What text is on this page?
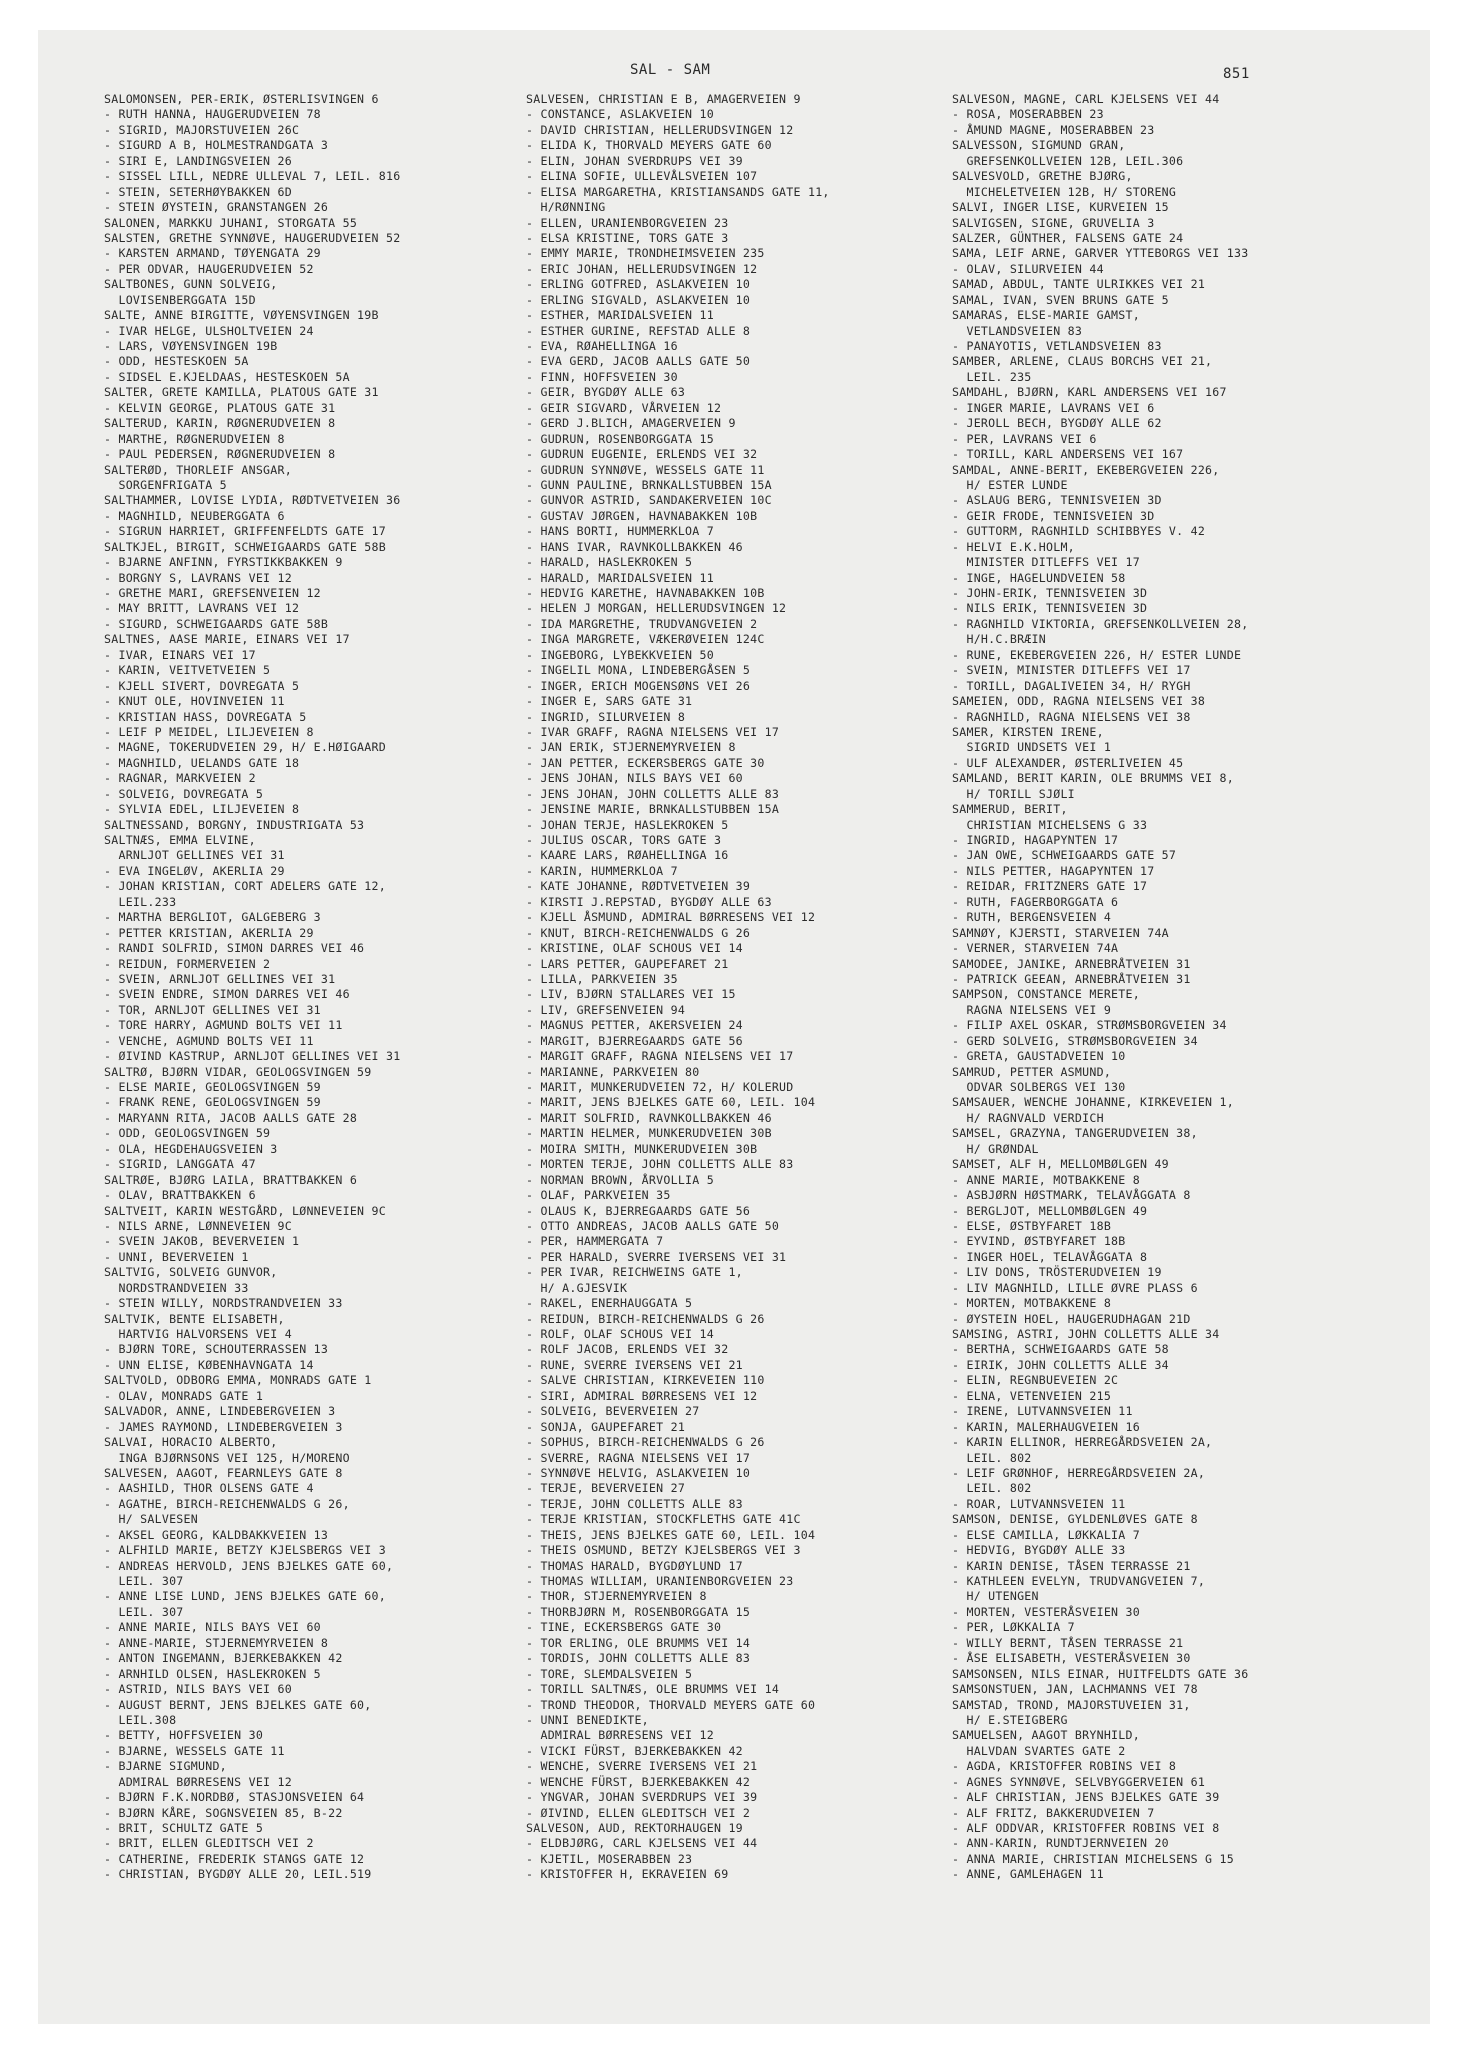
SAL - SAM	851
SALOMONSEN, PER-ERIK, ØSTERLISVINGEN 6
- RUTH HANNA, HAUGERUDVEIEN 78
- SIGRID, MAJORSTUVEIEN 26C
- SIGURD A B, HOLMESTRANDGATA 3
- SIRI E, LANDINGSVEIEN 26
- SISSEL LILL, NEDRE ULLEVAL 7, LEIL. 816
- STEIN, SETERHØYBAKKEN 6D
- STEIN ØYSTEIN, GRANSTANGEN 26
SALONEN, MARKKU JUHANI, STORGATA 55
SALSTEN, GRETHE SYNNØVE, HAUGERUDVEIEN 52
- KARSTEN ARMAND, TØYENGATA 29
- PER ODVAR, HAUGERUDVEIEN 52
SALTBONES, GUNN SOLVEIG,
LOVISENBERGGATA 15D
SALTE, ANNE BIRGITTE, VØYENSVINGEN 19B
- IVAR HELGE, ULSHOLTVEIEN 24
- LARS, VØYENSVINGEN 19B
- ODD, HESTESKOEN 5A
- SIDSEL E.KJELDAAS, HESTESKOEN 5A
SALTER, GRETE KAMILLA, PLATOUS GATE 31
- KELVIN GEORGE, PLATOUS GATE 31
SALTERUD, KARIN, RØGNERUDVEIEN 8
- MARTHE, RØGNERUDVEIEN 8
- PAUL PEDERSEN, RØGNERUDVEIEN 8
SALTERØD, THORLEIF ANSGAR,
SORGENFRIGATA 5
SALTHAMMER, LOVISE LYDIA, RØDTVETVEIEN 36
- MAGNHILD, NEUBERGGATA 6
- SIGRUN HARRIET, GRIFFENFELDTS GATE 17
SALTKJEL, BIRGIT, SCHWEIGAARDS GATE 58B
- BJARNE ANFINN, FYRSTIKKBAKKEN 9
- BORGNY S, LAVRANS VEI 12
- GRETHE MARI, GREFSENVEIEN 12
- MAY BRITT, LAVRANS VEI 12
- SIGURD, SCHWEIGAARDS GATE 58B
SALTNES, AASE MARIE, EINARS VEI 17
- IVAR, EINARS VEI 17
- KARIN, VEITVETVEIEN 5
- KJELL SIVERT, DOVREGATA 5
- KNUT OLE, HOVINVEIEN 11
- KRISTIAN HASS, DOVREGATA 5
- LEIF P MEIDEL, LILJEVEIEN 8
- MAGNE, TOKERUDVEIEN 29, H/ E.HØIGAARD
- MAGNHILD, UELANDS GATE 18
- RAGNAR, MARKVEIEN 2
- SOLVEIG, DOVREGATA 5
- SYLVIA EDEL, LILJEVEIEN 8
SALTNESSAND, BORGNY, INDUSTRIGATA 53
SALTNÆS, EMMA ELVINE,
ARNLJOT GELLINES VEI 31
- EVA INGELØV, AKERLIA 29
- JOHAN KRISTIAN, CORT ADELERS GATE 12,
LEIL.233
- MARTHA BERGLIOT, GALGEBERG 3
- PETTER KRISTIAN, AKERLIA 29
- RANDI SOLFRID, SIMON DARRES VEI 46
- REIDUN, FORMERVEIEN 2
- SVEIN, ARNLJOT GELLINES VEI 31
- SVEIN ENDRE, SIMON DARRES VEI 46
- TOR, ARNLJOT GELLINES VEI 31
- TORE HARRY, AGMUND BOLTS VEI 11
- VENCHE, AGMUND BOLTS VEI 11
- ØIVIND KASTRUP, ARNLJOT GELLINES VEI 31
SALTRØ, BJØRN VIDAR, GEOLOGSVINGEN 59
- ELSE MARIE, GEOLOGSVINGEN 59
- FRANK RENE, GEOLOGSVINGEN 59
- MARYANN RITA, JACOB AALLS GATE 28
- ODD, GEOLOGSVINGEN 59
- OLA, HEGDEHAUGSVEIEN 3
- SIGRID, LANGGATA 47
SALTRØE, BJØRG LAILA, BRATTBAKKEN 6
- OLAV, BRATTBAKKEN 6
SALTVEIT, KARIN WESTGÅRD, LØNNEVEIEN 9C
- NILS ARNE, LØNNEVEIEN 9C
- SVEIN JAKOB, BEVERVEIEN 1
- UNNI, BEVERVEIEN 1
SALTVIG, SOLVEIG GUNVOR,
NORDSTRANDVEIEN 33
- STEIN WILLY, NORDSTRANDVEIEN 33
SALTVIK, BENTE ELISABETH,
HARTVIG HALVORSENS VEI 4
- BJØRN TORE, SCHOUTERRASSEN 13
- UNN ELISE, KØBENHAVNGATA 14
SALTVOLD, ODBORG EMMA, MONRADS GATE 1
- OLAV, MONRADS GATE 1
SALVADOR, ANNE, LINDEBERGVEIEN 3
- JAMES RAYMOND, LINDEBERGVEIEN 3
SALVAI, HORACIO ALBERTO,
INGA BJØRNSONS VEI 125, H/MORENO
SALVESEN, AAGOT, FEARNLEYS GATE 8
- AASHILD, THOR OLSENS GATE 4
- AGATHE, BIRCH-REICHENWALDS G 26,
H/ SALVESEN
- AKSEL GEORG, KALDBAKKVEIEN 13
- ALFHILD MARIE, BETZY KJELSBERGS VEI 3
- ANDREAS HERVOLD, JENS BJELKES GATE 60,
LEIL. 307
- ANNE LISE LUND, JENS BJELKES GATE 60,
LEIL. 307
- ANNE MARIE, NILS BAYS VEI 60
- ANNE-MARIE, STJERNEMYRVEIEN 8
- ANTON INGEMANN, BJERKEBAKKEN 42
- ARNHILD OLSEN, HASLEKROKEN 5
- ASTRID, NILS BAYS VEI 60
- AUGUST BERNT, JENS BJELKES GATE 60,
LEIL.308
- BETTY, HOFFSVEIEN 30
- BJARNE, WESSELS GATE 11
- BJARNE SIGMUND,
ADMIRAL BØRRESENS VEI 12
- BJØRN F.K.NORDBØ, STASJONSVEIEN 64
- BJØRN KÅRE, SOGNSVEIEN 85, B-22
- BRIT, SCHULTZ GATE 5
- BRIT, ELLEN GLEDITSCH VEI 2
- CATHERINE, FREDERIK STANGS GATE 12
- CHRISTIAN, BYGDØY ALLE 20, LEIL.519
SALVESEN, CHRISTIAN E B, AMAGERVEIEN 9
- CONSTANCE, ASLAKVEIEN 10
- DAVID CHRISTIAN, HELLERUDSVINGEN 12
- ELIDA K, THORVALD MEYERS GATE 60
- ELIN, JOHAN SVERDRUPS VEI 39
- ELINA SOFIE, ULLEVÅLSVEIEN 107
- ELISA MARGARETHA, KRISTIANSANDS GATE 11,
H/RØNNING
- ELLEN, URANIENBORGVEIEN 23
- ELSA KRISTINE, TORS GATE 3
- EMMY MARIE, TRONDHEIMSVEIEN 235
- ERIC JOHAN, HELLERUDSVINGEN 12
- ERLING GOTFRED, ASLAKVEIEN 10
- ERLING SIGVALD, ASLAKVEIEN 10
- ESTHER, MARIDALSVEIEN 11
- ESTHER GURINE, REFSTAD ALLE 8
- EVA, RØAHELLINGA 16
- EVA GERD, JACOB AALLS GATE 50
- FINN, HOFFSVEIEN 30
- GEIR, BYGDØY ALLE 63
- GEIR SIGVARD, VÅRVEIEN 12
- GERD J.BLICH, AMAGERVEIEN 9
- GUDRUN, ROSENBORGGATA 15
- GUDRUN EUGENIE, ERLENDS VEI 32
- GUDRUN SYNNØVE, WESSELS GATE 11
- GUNN PAULINE, BRNKALLSTUBBEN 15A
- GUNVOR ASTRID, SANDAKERVEIEN 10C
- GUSTAV JØRGEN, HAVNABAKKEN 10B
- HANS BORTI, HUMMERKLOA 7
- HANS IVAR, RAVNKOLLBAKKEN 46
- HARALD, HASLEKROKEN 5
- HARALD, MARIDALSVEIEN 11
- HEDVIG KARETHE, HAVNABAKKEN 10B
- HELEN J MORGAN, HELLERUDSVINGEN 12
- IDA MARGRETHE, TRUDVANGVEIEN 2
- INGA MARGRETE, VÆKERØVEIEN 124C
- INGEBORG, LYBEKKVEIEN 50
- INGELIL MONA, LINDEBERGÅSEN 5
- INGER, ERICH MOGENSØNS VEI 26
- INGER E, SARS GATE 31
- INGRID, SILURVEIEN 8
- IVAR GRAFF, RAGNA NIELSENS VEI 17
- JAN ERIK, STJERNEMYRVEIEN 8
- JAN PETTER, ECKERSBERGS GATE 30
- JENS JOHAN, NILS BAYS VEI 60
- JENS JOHAN, JOHN COLLETTS ALLE 83
- JENSINE MARIE, BRNKALLSTUBBEN 15A
- JOHAN TERJE, HASLEKROKEN 5
- JULIUS OSCAR, TORS GATE 3
- KAARE LARS, RØAHELLINGA 16
- KARIN, HUMMERKLOA 7
- KATE JOHANNE, RØDTVETVEIEN 39
- KIRSTI J.REPSTAD, BYGDØY ALLE 63
- KJELL ÅSMUND, ADMIRAL BØRRESENS VEI 12
- KNUT, BIRCH-REICHENWALDS G 26
- KRISTINE, OLAF SCHOUS VEI 14
- LARS PETTER, GAUPEFARET 21
- LILLA, PARKVEIEN 35
- LIV, BJØRN STALLARES VEI 15
- LIV, GREFSENVEIEN 94
- MAGNUS PETTER, AKERSVEIEN 24
- MARGIT, BJERREGAARDS GATE 56
- MARGIT GRAFF, RAGNA NIELSENS VEI 17
- MARIANNE, PARKVEIEN 80
- MARIT, MUNKERUDVEIEN 72, H/ KOLERUD
- MARIT, JENS BJELKES GATE 60, LEIL. 104
- MARIT SOLFRID, RAVNKOLLBAKKEN 46
- MARTIN HELMER, MUNKERUDVEIEN 30B
- MOIRA SMITH, MUNKERUDVEIEN 30B
- MORTEN TERJE, JOHN COLLETTS ALLE 83
- NORMAN BROWN, ÅRVOLLIA 5
- OLAF, PARKVEIEN 35
- OLAUS K, BJERREGAARDS GATE 56
- OTTO ANDREAS, JACOB AALLS GATE 50
- PER, HAMMERGATA 7
- PER HARALD, SVERRE IVERSENS VEI 31
- PER IVAR, REICHWEINS GATE 1,
H/ A.GJESVIK
- RAKEL, ENERHAUGGATA 5
- REIDUN, BIRCH-REICHENWALDS G 26
- ROLF, OLAF SCHOUS VEI 14
- ROLF JACOB, ERLENDS VEI 32
- RUNE, SVERRE IVERSENS VEI 21
- SALVE CHRISTIAN, KIRKEVEIEN 110
- SIRI, ADMIRAL BØRRESENS VEI 12
- SOLVEIG, BEVERVEIEN 27
- SONJA, GAUPEFARET 21
- SOPHUS, BIRCH-REICHENWALDS G 26
- SVERRE, RAGNA NIELSENS VEI 17
- SYNNØVE HELVIG, ASLAKVEIEN 10
- TERJE, BEVERVEIEN 27
- TERJE, JOHN COLLETTS ALLE 83
- TERJE KRISTIAN, STOCKFLETHS GATE 41C
- THEIS, JENS BJELKES GATE 60, LEIL. 104
- THEIS OSMUND, BETZY KJELSBERGS VEI 3
- THOMAS HARALD, BYGDØYLUND 17
- THOMAS WILLIAM, URANIENBORGVEIEN 23
- THOR, STJERNEMYRVEIEN 8
- THORBJØRN M, ROSENBORGGATA 15
- TINE, ECKERSBERGS GATE 30
- TOR ERLING, OLE BRUMMS VEI 14
- TORDIS, JOHN COLLETTS ALLE 83
- TORE, SLEMDALSVEIEN 5
- TORILL SALTNÆS, OLE BRUMMS VEI 14
- TROND THEODOR, THORVALD MEYERS GATE 60
- UNNI BENEDIKTE,
ADMIRAL BØRRESENS VEI 12
- VICKI FÜRST, BJERKEBAKKEN 42
- WENCHE, SVERRE IVERSENS VEI 21
- WENCHE FÜRST, BJERKEBAKKEN 42
- YNGVAR, JOHAN SVERDRUPS VEI 39
- ØIVIND, ELLEN GLEDITSCH VEI 2
SALVESON, AUD, REKTORHAUGEN 19
- ELDBJØRG, CARL KJELSENS VEI 44
- KJETIL, MOSERABBEN 23
- KRISTOFFER H, EKRAVEIEN 69
SALVESON, MAGNE, CARL KJELSENS VEI 44
- ROSA, MOSERABBEN 23
- ÅMUND MAGNE, MOSERABBEN 23
SALVESSON, SIGMUND GRAN,
GREFSENKOLLVEIEN 12B, LEIL.306
SALVESVOLD, GRETHE BJØRG,
MICHELETVEIEN 12B, H/ STORENG
SALVI, INGER LISE, KURVEIEN 15
SALVIGSEN, SIGNE, GRUVELIA 3
SALZER, GÜNTHER, FALSENS GATE 24
SAMA, LEIF ARNE, GARVER YTTEBORGS VEI 133
- OLAV, SILURVEIEN 44
SAMAD, ABDUL, TANTE ULRIKKES VEI 21
SAMAL, IVAN, SVEN BRUNS GATE 5
SAMARAS, ELSE-MARIE GAMST,
VETLANDSVEIEN 83
- PANAYOTIS, VETLANDSVEIEN 83
SAMBER, ARLENE, CLAUS BORCHS VEI 21,
LEIL. 235
SAMDAHL, BJØRN, KARL ANDERSENS VEI 167
- INGER MARIE, LAVRANS VEI 6
- JEROLL BECH, BYGDØY ALLE 62
- PER, LAVRANS VEI 6
- TORILL, KARL ANDERSENS VEI 167
SAMDAL, ANNE-BERIT, EKEBERGVEIEN 226,
H/ ESTER LUNDE
- ASLAUG BERG, TENNISVEIEN 3D
- GEIR FRODE, TENNISVEIEN 3D
- GUTTORM, RAGNHILD SCHIBBYES V. 42
- HELVI E.K.HOLM,
MINISTER DITLEFFS VEI 17
- INGE, HAGELUNDVEIEN 58
- JOHN-ERIK, TENNISVEIEN 3D
- NILS ERIK, TENNISVEIEN 3D
- RAGNHILD VIKTORIA, GREFSENKOLLVEIEN 28,
H/H.C.BRÆIN
- RUNE, EKEBERGVEIEN 226, H/ ESTER LUNDE
- SVEIN, MINISTER DITLEFFS VEI 17
- TORILL, DAGALIVEIEN 34, H/ RYGH
SAMEIEN, ODD, RAGNA NIELSENS VEI 38
- RAGNHILD, RAGNA NIELSENS VEI 38
SAMER, KIRSTEN IRENE,
SIGRID UNDSETS VEI 1
- ULF ALEXANDER, ØSTERLIVEIEN 45
SAMLAND, BERIT KARIN, OLE BRUMMS VEI 8,
H/ TORILL SJØLI
SAMMERUD, BERIT,
CHRISTIAN MICHELSENS G 33
- INGRID, HAGAPYNTEN 17
- JAN OWE, SCHWEIGAARDS GATE 57
- NILS PETTER, HAGAPYNTEN 17
- REIDAR, FRITZNERS GATE 17
- RUTH, FAGERBORGGATA 6
- RUTH, BERGENSVEIEN 4
SAMNØY, KJERSTI, STARVEIEN 74A
- VERNER, STARVEIEN 74A
SAMODEE, JANIKE, ARNEBRÅTVEIEN 31
- PATRICK GEEAN, ARNEBRÅTVEIEN 31
SAMPSON, CONSTANCE MERETE,
RAGNA NIELSENS VEI 9
- FILIP AXEL OSKAR, STRØMSBORGVEIEN 34
- GERD SOLVEIG, STRØMSBORGVEIEN 34
- GRETA, GAUSTADVEIEN 10
SAMRUD, PETTER ASMUND,
ODVAR SOLBERGS VEI 130
SAMSAUER, WENCHE JOHANNE, KIRKEVEIEN 1,
H/ RAGNVALD VERDICH
SAMSEL, GRAZYNA, TANGERUDVEIEN 38,
H/ GRØNDAL
SAMSET, ALF H, MELLOMBØLGEN 49
- ANNE MARIE, MOTBAKKENE 8
- ASBJØRN HØSTMARK, TELAVÅGGATA 8
- BERGLJOT, MELLOMBØLGEN 49
- ELSE, ØSTBYFARET 18B
- EYVIND, ØSTBYFARET 18B
- INGER HOEL, TELAVÅGGATA 8
- LIV DONS, TRÖSTERUDVEIEN 19
- LIV MAGNHILD, LILLE ØVRE PLASS 6
- MORTEN, MOTBAKKENE 8
- ØYSTEIN HOEL, HAUGERUDHAGAN 21D
SAMSING, ASTRI, JOHN COLLETTS ALLE 34
- BERTHA, SCHWEIGAARDS GATE 58
- EIRIK, JOHN COLLETTS ALLE 34
- ELIN, REGNBUEVEIEN 2C
- ELNA, VETENVEIEN 215
- IRENE, LUTVANNSVEIEN 11
- KARIN, MALERHAUGVEIEN 16
- KARIN ELLINOR, HERREGÅRDSVEIEN 2A,
LEIL. 802
- LEIF GRØNHOF, HERREGÅRDSVEIEN 2A,
LEIL. 802
- ROAR, LUTVANNSVEIEN 11
SAMSON, DENISE, GYLDENLØVES GATE 8
- ELSE CAMILLA, LØKKALIA 7
- HEDVIG, BYGDØY ALLE 33
- KARIN DENISE, TÅSEN TERRASSE 21
- KATHLEEN EVELYN, TRUDVANGVEIEN 7,
H/ UTENGEN
- MORTEN, VESTERÅSVEIEN 30
- PER, LØKKALIA 7
- WILLY BERNT, TÅSEN TERRASSE 21
- ÅSE ELISABETH, VESTERÅSVEIEN 30
SAMSONSEN, NILS EINAR, HUITFELDTS GATE 36
SAMSONSTUEN, JAN, LACHMANNS VEI 78
SAMSTAD, TROND, MAJORSTUVEIEN 31,
H/ E.STEIGBERG
SAMUELSEN, AAGOT BRYNHILD,
HALVDAN SVARTES GATE 2
- AGDA, KRISTOFFER ROBINS VEI 8
- AGNES SYNNØVE, SELVBYGGERVEIEN 61
- ALF CHRISTIAN, JENS BJELKES GATE 39
- ALF FRITZ, BAKKERUDVEIEN 7
- ALF ODDVAR, KRISTOFFER ROBINS VEI 8
- ANN-KARIN, RUNDTJERNVEIEN 20
- ANNA MARIE, CHRISTIAN MICHELSENS G 15
- ANNE, GAMLEHAGEN 11
